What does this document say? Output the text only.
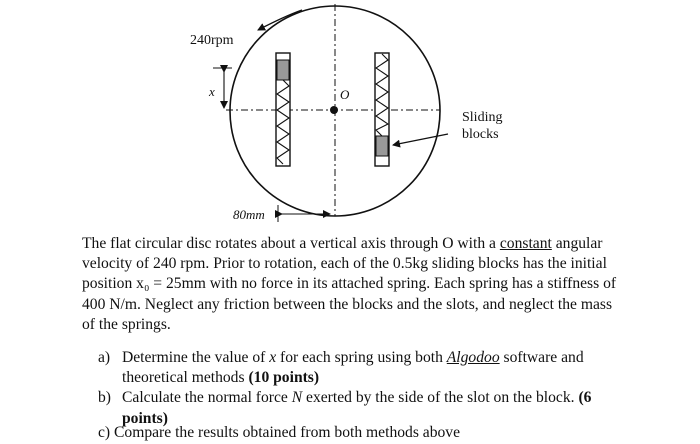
240rpm
O
Sliding
blocks
x
80mm

The flat circular disc rotates about a vertical axis through O with a constant angular velocity of 240 rpm. Prior to rotation, each of the 0.5kg sliding blocks has the initial position x₀ = 25mm with no force in its attached spring. Each spring has a stiffness of 400 N/m. Neglect any friction between the blocks and the slots, and neglect the mass of the springs.

a) Determine the value of x for each spring using both Algodoo software and theoretical methods (10 points)
b) Calculate the normal force N exerted by the side of the slot on the block. (6 points)
c) Compare the results obtained from both methods above
